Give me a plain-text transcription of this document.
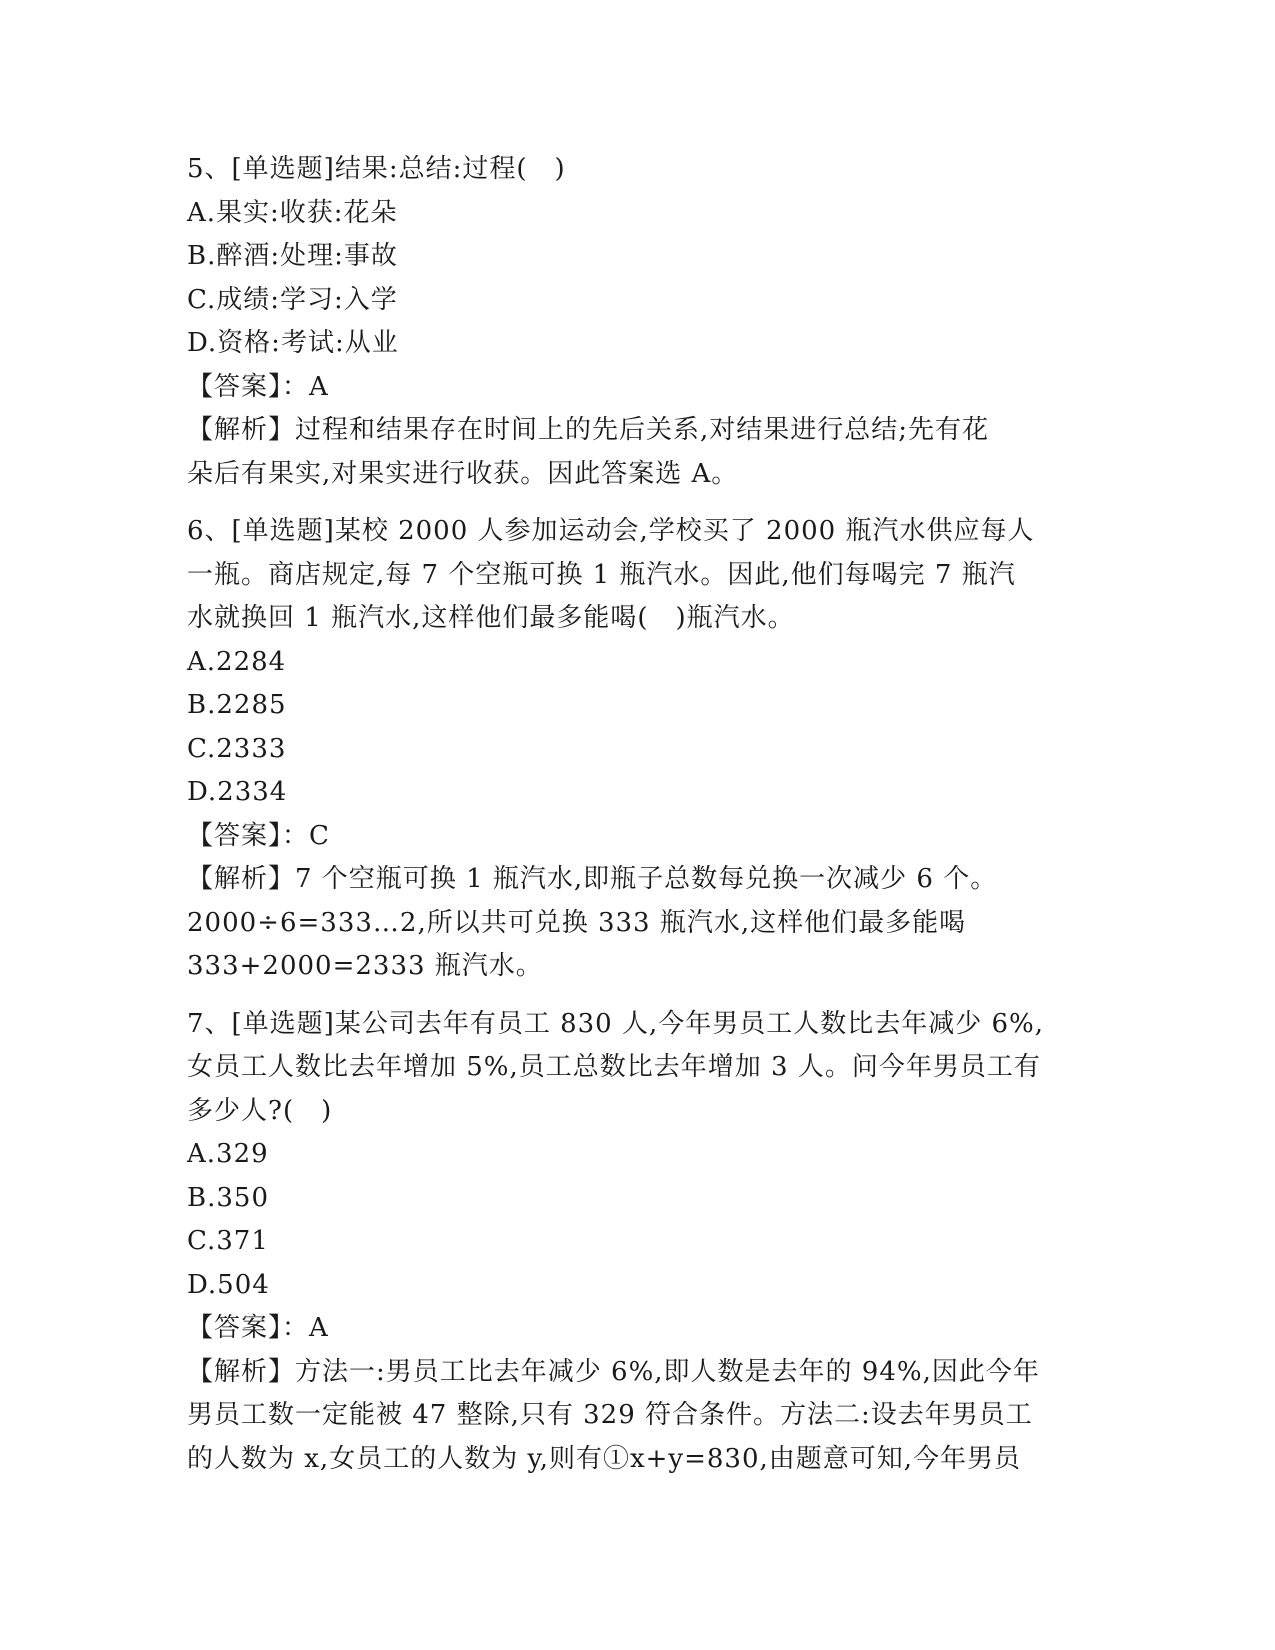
5、[单选题]结果:总结:过程(　)
A.果实:收获:花朵
B.醉酒:处理:事故
C.成绩:学习:入学
D.资格:考试:从业
【答案】：A
【解析】过程和结果存在时间上的先后关系,对结果进行总结;先有花
朵后有果实,对果实进行收获。因此答案选 A。
6、[单选题]某校 2000 人参加运动会,学校买了 2000 瓶汽水供应每人
一瓶。商店规定,每 7 个空瓶可换 1 瓶汽水。因此,他们每喝完 7 瓶汽
水就换回 1 瓶汽水,这样他们最多能喝(　)瓶汽水。
A.2284
B.2285
C.2333
D.2334
【答案】：C
【解析】7 个空瓶可换 1 瓶汽水,即瓶子总数每兑换一次减少 6 个。
2000÷6=333…2,所以共可兑换 333 瓶汽水,这样他们最多能喝
333+2000=2333 瓶汽水。
7、[单选题]某公司去年有员工 830 人,今年男员工人数比去年减少 6%,
女员工人数比去年增加 5%,员工总数比去年增加 3 人。问今年男员工有
多少人?(　)
A.329
B.350
C.371
D.504
【答案】：A
【解析】方法一:男员工比去年减少 6%,即人数是去年的 94%,因此今年
男员工数一定能被 47 整除,只有 329 符合条件。方法二:设去年男员工
的人数为 x,女员工的人数为 y,则有①x+y=830,由题意可知,今年男员
